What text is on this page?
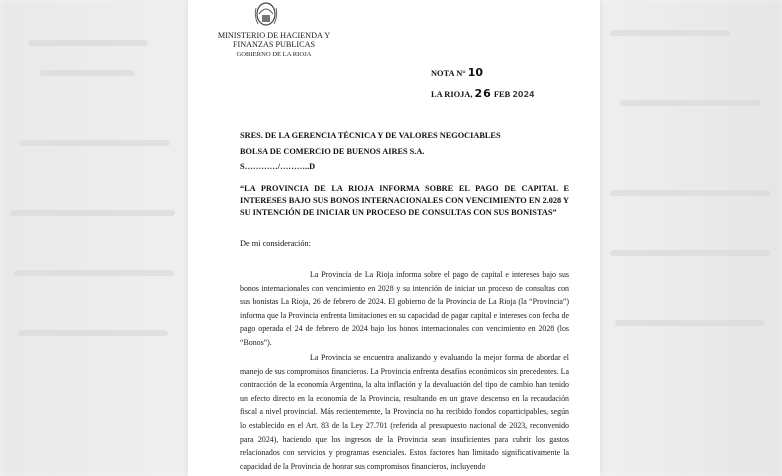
MINISTERIO DE HACIENDA Y
FINANZAS PUBLICAS
GOBIERNO DE LA RIOJA
NOTA N° 10
LA RIOJA, 26 FEB 2024
SRES. DE LA GERENCIA TÉCNICA Y DE VALORES NEGOCIABLES
BOLSA DE COMERCIO DE BUENOS AIRES S.A.
S…………/………..D
“LA PROVINCIA DE LA RIOJA INFORMA SOBRE EL PAGO DE CAPITAL E INTERESES BAJO SUS BONOS INTERNACIONALES CON VENCIMIENTO EN 2.028 Y SU INTENCIÓN DE INICIAR UN PROCESO DE CONSULTAS CON SUS BONISTAS”
De mi consideración:
La Provincia de La Rioja informa sobre el pago de capital e intereses bajo sus bonos internacionales con vencimiento en 2028 y su intención de iniciar un proceso de consultas con sus bonistas La Rioja, 26 de febrero de 2024. El gobierno de la Provincia de La Rioja (la “Provincia”) informa que la Provincia enfrenta limitaciones en su capacidad de pagar capital e intereses con fecha de pago operada el 24 de febrero de 2024 bajo los bonos internacionales con vencimiento en 2028 (los “Bonos”).
La Provincia se encuentra analizando y evaluando la mejor forma de abordar el manejo de sus compromisos financieros. La Provincia enfrenta desafíos económicos sin precedentes. La contracción de la economía Argentina, la alta inflación y la devaluación del tipo de cambio han tenido un efecto directo en la economía de la Provincia, resultando en un grave descenso en la recaudación fiscal a nivel provincial. Más recientemente, la Provincia no ha recibido fondos coparticipables, según lo establecido en el Art. 83 de la Ley 27.701 (referida al presupuesto nacional de 2023, reconvenido para 2024), haciendo que los ingresos de la Provincia sean insuficientes para cubrir los gastos relacionados con servicios y programas esenciales. Estos factores han limitado significativamente la capacidad de la Provincia de honrar sus compromisos financieros, incluyendo
